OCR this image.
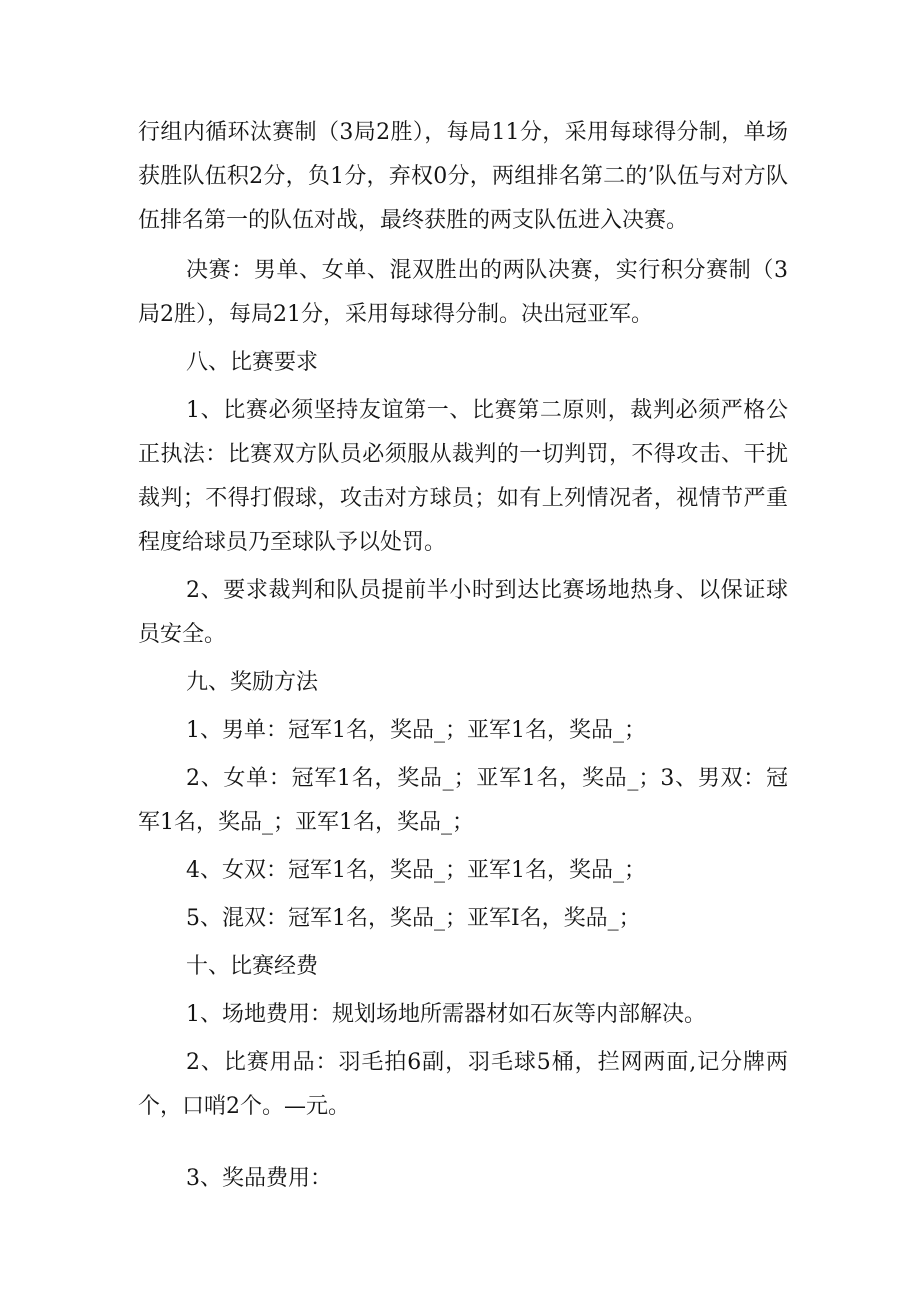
行组内循环汰赛制（3局2胜），每局11分，采用每球得分制，单场获胜队伍积2分，负1分，弃权0分，两组排名第二的’队伍与对方队伍排名第一的队伍对战，最终获胜的两支队伍进入决赛。

决赛：男单、女单、混双胜出的两队决赛，实行积分赛制（3局2胜），每局21分，采用每球得分制。决出冠亚军。

八、比赛要求

1、比赛必须坚持友谊第一、比赛第二原则，裁判必须严格公正执法：比赛双方队员必须服从裁判的一切判罚，不得攻击、干扰裁判；不得打假球，攻击对方球员；如有上列情况者，视情节严重程度给球员乃至球队予以处罚。

2、要求裁判和队员提前半小时到达比赛场地热身、以保证球员安全。

九、奖励方法

1、男单：冠军1名，奖品_；亚军1名，奖品_；

2、女单：冠军1名，奖品_；亚军1名，奖品_；3、男双：冠军1名，奖品_；亚军1名，奖品_；

4、女双：冠军1名，奖品_；亚军1名，奖品_；

5、混双：冠军1名，奖品_；亚军I名，奖品_；

十、比赛经费

1、场地费用：规划场地所需器材如石灰等内部解决。

2、比赛用品：羽毛拍6副，羽毛球5桶，拦网两面,记分牌两个，口哨2个。—元。

3、奖品费用：
